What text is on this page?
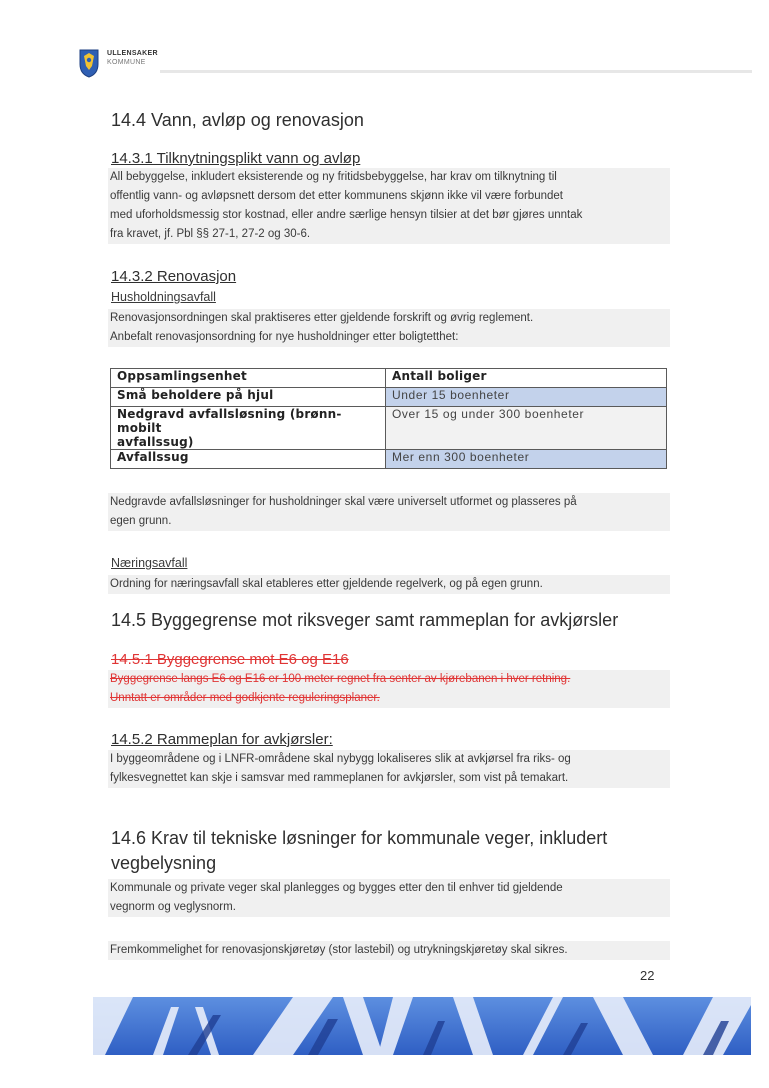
ULLENSAKER
KOMMUNE
14.4 Vann, avløp og renovasjon
14.3.1 Tilknytningsplikt vann og avløp
All bebyggelse, inkludert eksisterende og ny fritidsbebyggelse, har krav om tilknytning til
offentlig vann- og avløpsnett dersom det etter kommunens skjønn ikke vil være forbundet
med uforholdsmessig stor kostnad, eller andre særlige hensyn tilsier at det bør gjøres unntak
fra kravet, jf. Pbl §§ 27-1, 27-2 og 30-6.
14.3.2 Renovasjon
Husholdningsavfall
Renovasjonsordningen skal praktiseres etter gjeldende forskrift og øvrig reglement.
Anbefalt renovasjonsordning for nye husholdninger etter boligtetthet:
Oppsamlingsenhet	Antall boliger
Små beholdere på hjul	Under 15 boenheter

Nedgravd avfallsløsning (brønn- mobilt
avfallssug)	Over 15 og under 300 boenheter
Avfallssug	Mer enn 300 boenheter
Nedgravde avfallsløsninger for husholdninger skal være universelt utformet og plasseres på
egen grunn.
Næringsavfall
Ordning for næringsavfall skal etableres etter gjeldende regelverk, og på egen grunn.
14.5 Byggegrense mot riksveger samt rammeplan for avkjørsler
14.5.1 Byggegrense mot E6 og E16
Byggegrense langs E6 og E16 er 100 meter regnet fra senter av kjørebanen i hver retning.
Unntatt er områder med godkjente reguleringsplaner.
14.5.2 Rammeplan for avkjørsler:
I byggeområdene og i LNFR-områdene skal nybygg lokaliseres slik at avkjørsel fra riks- og
fylkesvegnettet kan skje i samsvar med rammeplanen for avkjørsler, som vist på temakart.
14.6 Krav til tekniske løsninger for kommunale veger, inkludert
vegbelysning
Kommunale og private veger skal planlegges og bygges etter den til enhver tid gjeldende
vegnorm og veglysnorm.
Fremkommelighet for renovasjonskjøretøy (stor lastebil) og utrykningskjøretøy skal sikres.
22
